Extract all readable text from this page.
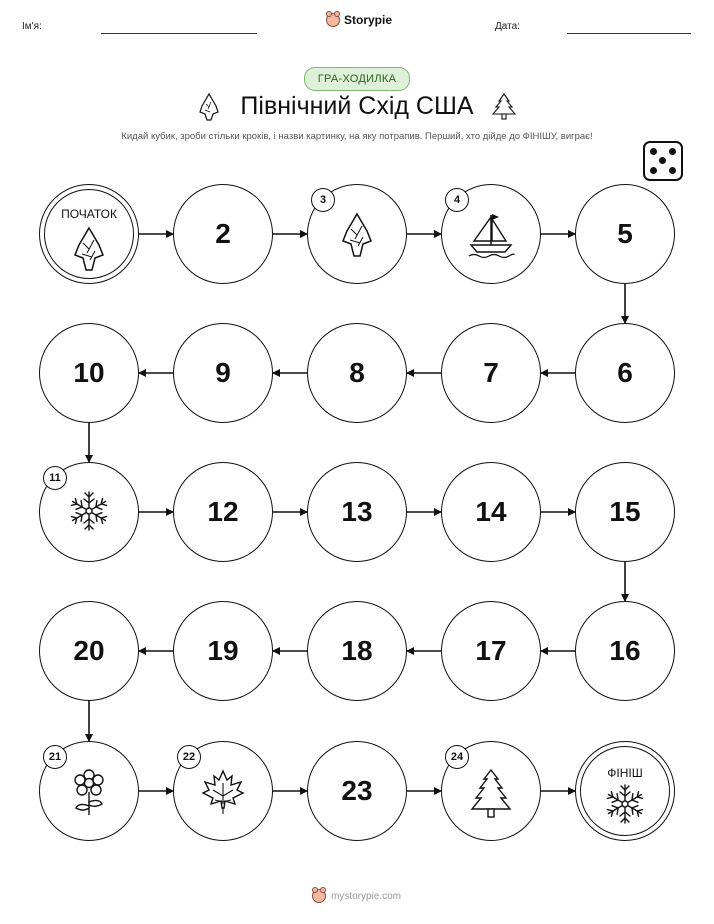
Ім'я:	Storypie	Дата:
ГРА-ХОДИЛКА
Північний Схід США
Кидай кубик, зроби стільки кроків, і назви картинку, на яку потрапив. Перший, хто дійде до ФІНІШУ, виграє!
ПОЧАТОК
2
3	4
5
6
7
8
9
10
11
12	13	14	15
16
17
18
19
20
21	22
23
24
ФІНІШ
mystorypie.com
